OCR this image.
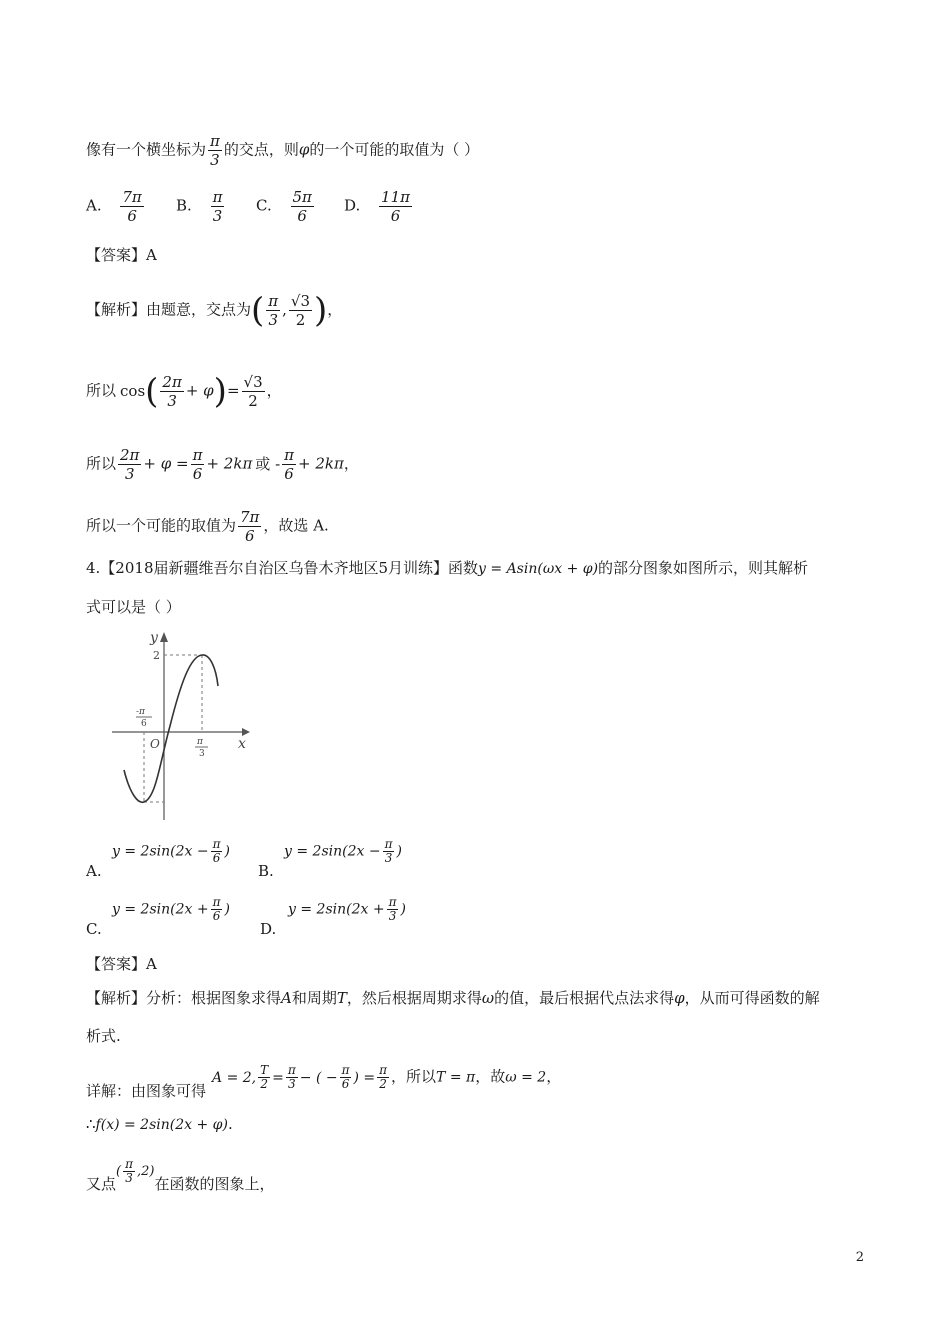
像有一个横坐标为 $\frac{\pi}{3}$ 的交点，则φ的一个可能的取值为（ ）
A. $\frac{7\pi}{6} B$. $\frac{\pi}{3} C$. $\frac{5\pi}{6} D$. $\frac{11\pi}{6}$
【答案】A
【解析】由题意，交点为( $\frac{\pi}{3}$ , $\frac{√3}{2}$ )，
所以 $\cos( \frac{2\pi}{3} + \varphi)= \frac{√3}{2}$ ，
所以 $\frac{2\pi}{3} + \varphi = \frac{\pi}{6} + 2k\pi$ 或 - $\frac{\pi}{6} + 2k\pi$，
所以一个可能的取值为 $\frac{7\pi}{6}$ ，故选 A.
4.【2018届新疆维吾尔自治区乌鲁木齐地区5月训练】函数y = Asin(ωx + φ)的部分图象如图所示，则其解析
式可以是（ ）
y
x
O
2
-π
6
π
3
A.
$y = 2\sin(2x - \frac{\pi}{6}$ )
B.
$y = 2\sin(2x - \frac{\pi}{3}$ )
C.
$y = 2\sin(2x + \frac{\pi}{6}$ )
D.
$y = 2\sin(2x + \frac{\pi}{3}$ )
【答案】A
【解析】分析：根据图象求得A和周期T，然后根据周期求得ω的值，最后根据代点法求得φ，从而可得函数的解
析式.
详解：由图象可得A = 2, $\frac{T}{2} = \frac{\pi}{3}$ − ( − $\frac{\pi}{6}$ ) = $\frac{\pi}{2}$ ，所以T = π，故ω = 2，
∴f(x) = 2sin(2x + φ).
又点( $\frac{\pi}{3} ,2$)在函数的图象上，
2
